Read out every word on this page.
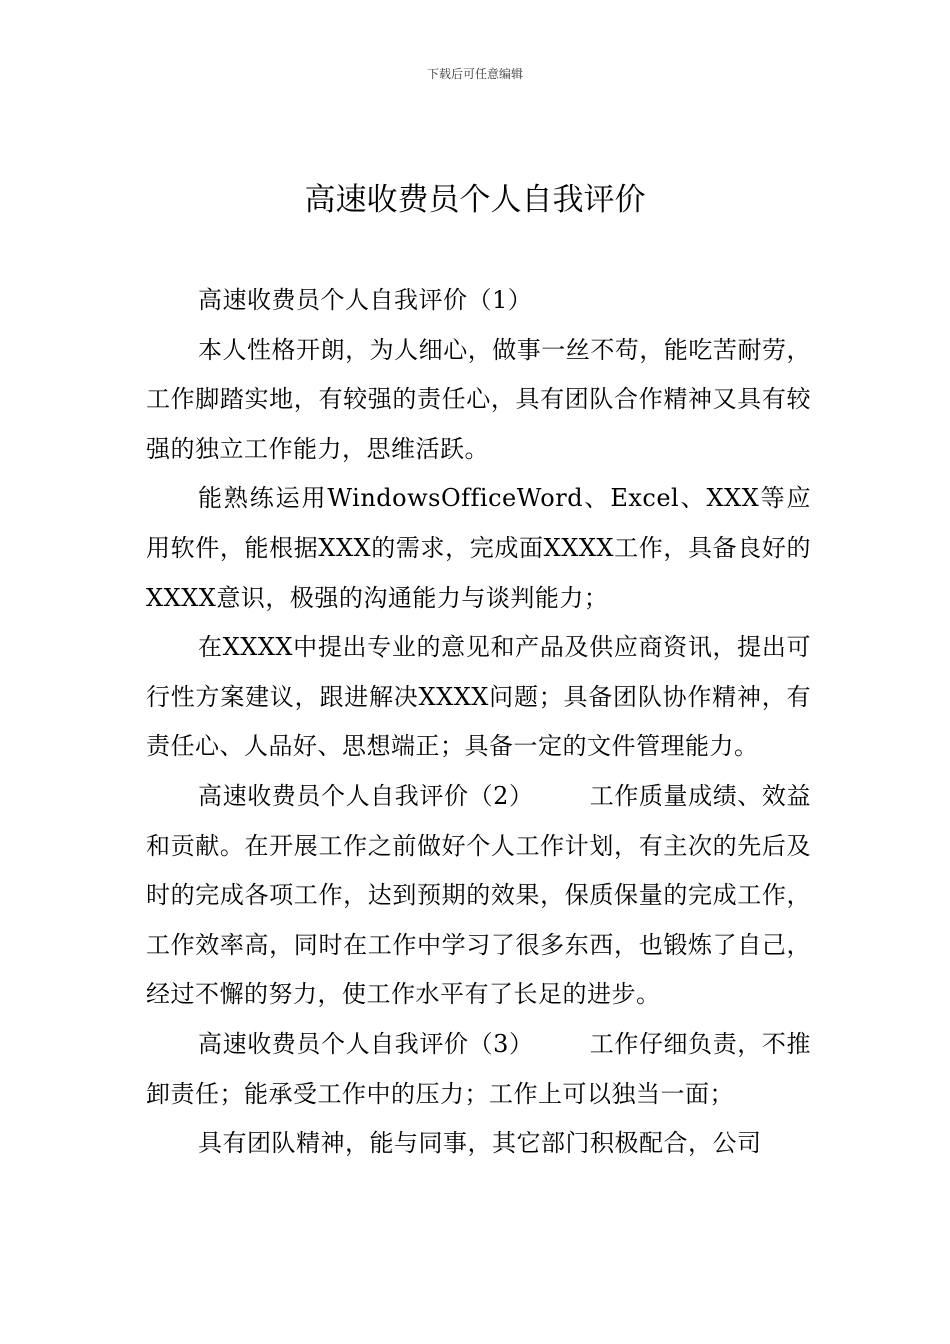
下载后可任意编辑
高速收费员个人自我评价

高速收费员个人自我评价（1）

本人性格开朗，为人细心，做事一丝不苟，能吃苦耐劳，工作脚踏实地，有较强的责任心，具有团队合作精神又具有较强的独立工作能力，思维活跃。

能熟练运用WindowsOfficeWord、Excel、XXX等应用软件，能根据XXX的需求，完成面XXXX工作，具备良好的XXXX意识，极强的沟通能力与谈判能力；

在XXXX中提出专业的意见和产品及供应商资讯，提出可行性方案建议，跟进解决XXXX问题；具备团队协作精神，有责任心、人品好、思想端正；具备一定的文件管理能力。

高速收费员个人自我评价（2） 工作质量成绩、效益和贡献。在开展工作之前做好个人工作计划，有主次的先后及时的完成各项工作，达到预期的效果，保质保量的完成工作，工作效率高，同时在工作中学习了很多东西，也锻炼了自己，经过不懈的努力，使工作水平有了长足的进步。

高速收费员个人自我评价（3） 工作仔细负责，不推卸责任；能承受工作中的压力；工作上可以独当一面；

具有团队精神，能与同事，其它部门积极配合，公司
